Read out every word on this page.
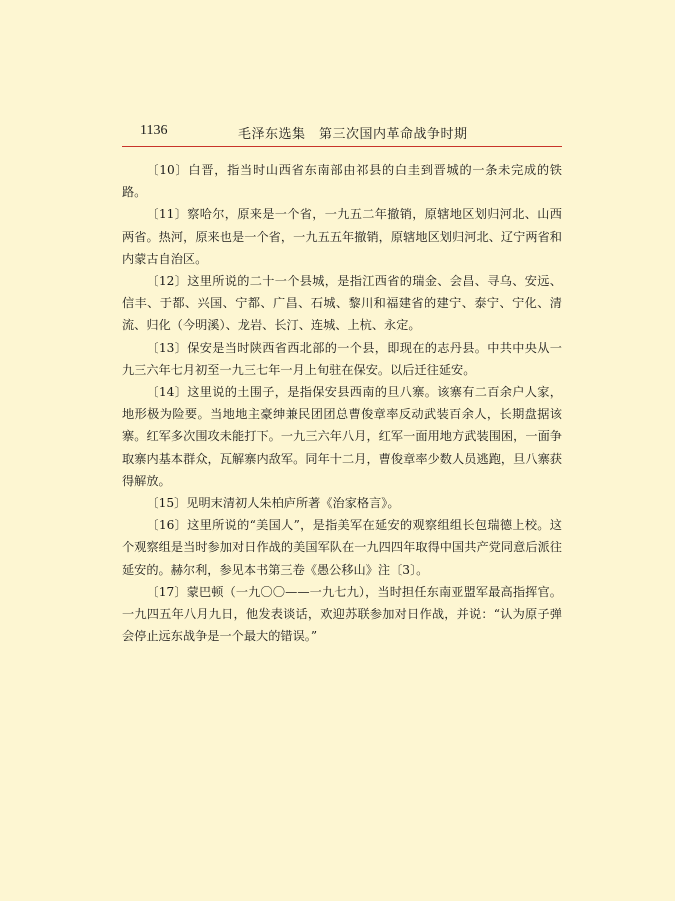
1136	毛泽东选集　第三次国内革命战争时期

〔10〕白晋，指当时山西省东南部由祁县的白圭到晋城的一条未完成的铁路。

〔11〕察哈尔，原来是一个省，一九五二年撤销，原辖地区划归河北、山西两省。热河，原来也是一个省，一九五五年撤销，原辖地区划归河北、辽宁两省和内蒙古自治区。

〔12〕这里所说的二十一个县城，是指江西省的瑞金、会昌、寻乌、安远、信丰、于都、兴国、宁都、广昌、石城、黎川和福建省的建宁、泰宁、宁化、清流、归化（今明溪）、龙岩、长汀、连城、上杭、永定。

〔13〕保安是当时陕西省西北部的一个县，即现在的志丹县。中共中央从一九三六年七月初至一九三七年一月上旬驻在保安。以后迁往延安。

〔14〕这里说的土围子，是指保安县西南的旦八寨。该寨有二百余户人家，地形极为险要。当地地主豪绅兼民团团总曹俊章率反动武装百余人，长期盘据该寨。红军多次围攻未能打下。一九三六年八月，红军一面用地方武装围困，一面争取寨内基本群众，瓦解寨内敌军。同年十二月，曹俊章率少数人员逃跑，旦八寨获得解放。

〔15〕见明末清初人朱柏庐所著《治家格言》。

〔16〕这里所说的“美国人”，是指美军在延安的观察组组长包瑞德上校。这个观察组是当时参加对日作战的美国军队在一九四四年取得中国共产党同意后派往延安的。赫尔利，参见本书第三卷《愚公移山》注〔3〕。

〔17〕蒙巴顿（一九〇〇——一九七九），当时担任东南亚盟军最高指挥官。一九四五年八月九日，他发表谈话，欢迎苏联参加对日作战，并说：“认为原子弹会停止远东战争是一个最大的错误。”
